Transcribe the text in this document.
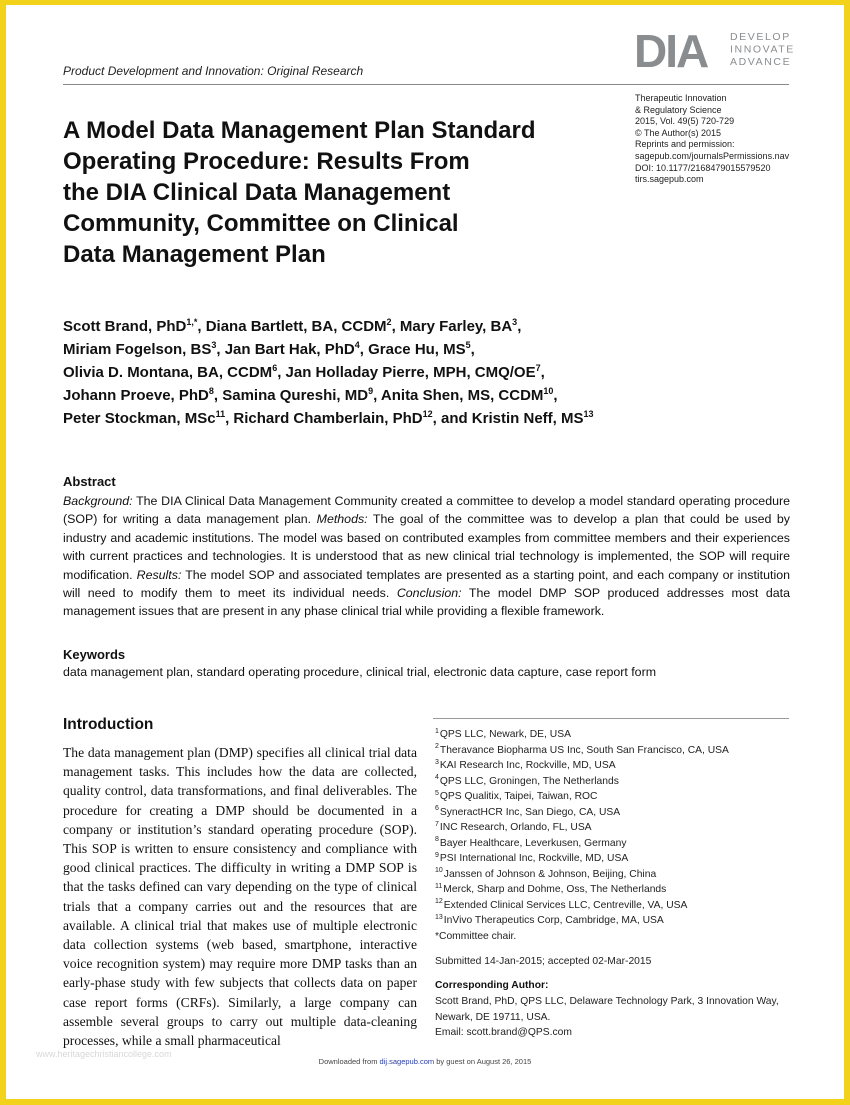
DIA DEVELOP
INNOVATE
ADVANCE
Product Development and Innovation: Original Research
Therapeutic Innovation
& Regulatory Science
2015, Vol. 49(5) 720-729
© The Author(s) 2015
Reprints and permission:
sagepub.com/journalsPermissions.nav
DOI: 10.1177/2168479015579520
tirs.sagepub.com
A Model Data Management Plan Standard
Operating Procedure: Results From
the DIA Clinical Data Management
Community, Committee on Clinical
Data Management Plan
Scott Brand, PhD$^{1,*}$, Diana Bartlett, BA, CCDM$^2$, Mary Farley, $BA^3$,
Miriam Fogelson, $BS^3$, Jan Bart Hak, PhD$^4$, Grace Hu, $MS^5$,
Olivia D. Montana, BA, CCDM$^6$, Jan Holladay Pierre, MPH, CMQ/$OE^7$,
Johann Proeve, PhD$^8$, Samina Qureshi, $MD^9$, Anita Shen, MS, CCDM$^{10}$,
Peter Stockman, MSc$^{11}$, Richard Chamberlain, PhD$^{12}$, and Kristin Neff, MS$^{13}$
Abstract
Background: The DIA Clinical Data Management Community created a committee to develop a model standard operating procedure (SOP) for writing a data management plan. Methods: The goal of the committee was to develop a plan that could be used by industry and academic institutions. The model was based on contributed examples from committee members and their experiences with current practices and technologies. It is understood that as new clinical trial technology is implemented, the SOP will require modification. Results: The model SOP and associated templates are presented as a starting point, and each company or institution will need to modify them to meet its individual needs. Conclusion: The model DMP SOP produced addresses most data management issues that are present in any phase clinical trial while providing a flexible framework.
Keywords
data management plan, standard operating procedure, clinical trial, electronic data capture, case report form
Introduction
The data management plan (DMP) specifies all clinical trial data management tasks. This includes how the data are collected, quality control, data transformations, and final deliverables. The procedure for creating a DMP should be documented in a company or institution’s standard operating procedure (SOP). This SOP is written to ensure consistency and compliance with good clinical practices. The difficulty in writing a DMP SOP is that the tasks defined can vary depending on the type of clinical trials that a company carries out and the resources that are available. A clinical trial that makes use of multiple electronic data collection systems (web based, smartphone, interactive voice recognition system) may require more DMP tasks than an early-phase study with few subjects that collects data on paper case report forms (CRFs). Similarly, a large company can assemble several groups to carry out multiple data-cleaning processes, while a small pharmaceutical
$^1$QPS LLC, Newark, DE, USA
$^2$Theravance Biopharma US Inc, South San Francisco, CA, USA
$^3$KAI Research Inc, Rockville, MD, USA
$^4$QPS LLC, Groningen, The Netherlands
$^5$QPS Qualitix, Taipei, Taiwan, ROC
$^6$SyneractHCR Inc, San Diego, CA, USA
$^7$INC Research, Orlando, FL, USA
$^8$Bayer Healthcare, Leverkusen, Germany
$^9$PSI International Inc, Rockville, MD, USA
$^{10}$Janssen of Johnson & Johnson, Beijing, China
$^{11}$Merck, Sharp and Dohme, Oss, The Netherlands
$^{12}$Extended Clinical Services LLC, Centreville, VA, USA
$^{13}$InVivo Therapeutics Corp, Cambridge, MA, USA
*Committee chair.
Submitted 14-Jan-2015; accepted 02-Mar-2015
Corresponding Author:
Scott Brand, PhD, QPS LLC, Delaware Technology Park, 3 Innovation Way,
Newark, DE 19711, USA.
Email: scott.brand@QPS.com
www.heritagechristiancollege.com
Downloaded from dij.sagepub.com by guest on August 26, 2015
